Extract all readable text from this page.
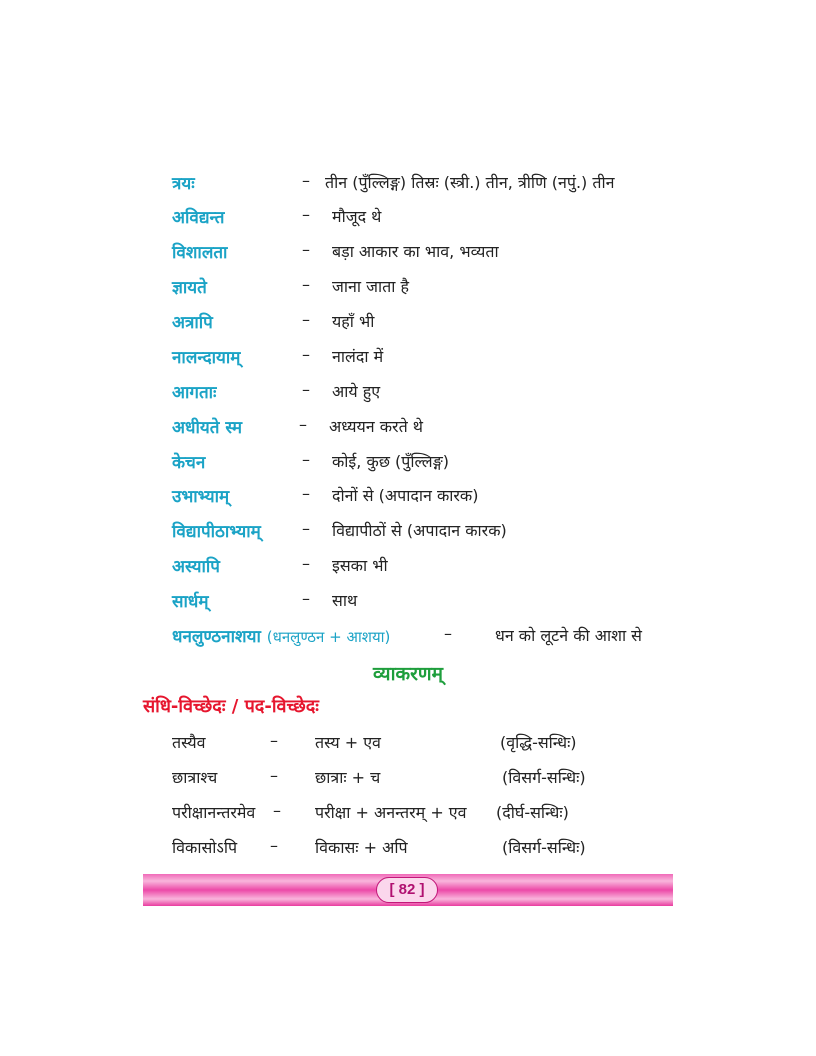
त्रयः	– तीन (पुँल्लिङ्ग) तिस्रः (स्त्री.) तीन, त्रीणि (नपुं.) तीन
अविद्यन्त	– मौजूद थे
विशालता	– बड़ा आकार का भाव, भव्यता
ज्ञायते	– जाना जाता है
अत्रापि	– यहाँ भी
नालन्दायाम्	– नालंदा में
आगताः	– आये हुए
अधीयते स्म	– अध्ययन करते थे
केचन	– कोई, कुछ (पुँल्लिङ्ग)
उभाभ्याम्	– दोनों से (अपादान कारक)
विद्यापीठाभ्याम्	– विद्यापीठों से (अपादान कारक)
अस्यापि	– इसका भी
सार्धम्	– साथ
धनलुण्ठनाशया (धनलुण्ठन + आशया)	–	धन को लूटने की आशा से
व्याकरणम्
संधि-विच्छेदः / पद-विच्छेदः
तस्यैव	– तस्य + एव	(वृद्धि-सन्धिः)
छात्राश्च	– छात्राः + च	(विसर्ग-सन्धिः)
परीक्षानन्तरमेव – परीक्षा + अनन्तरम् + एव (दीर्घ-सन्धिः)
विकासोऽपि – विकासः + अपि	(विसर्ग-सन्धिः)
[ 82 ]
